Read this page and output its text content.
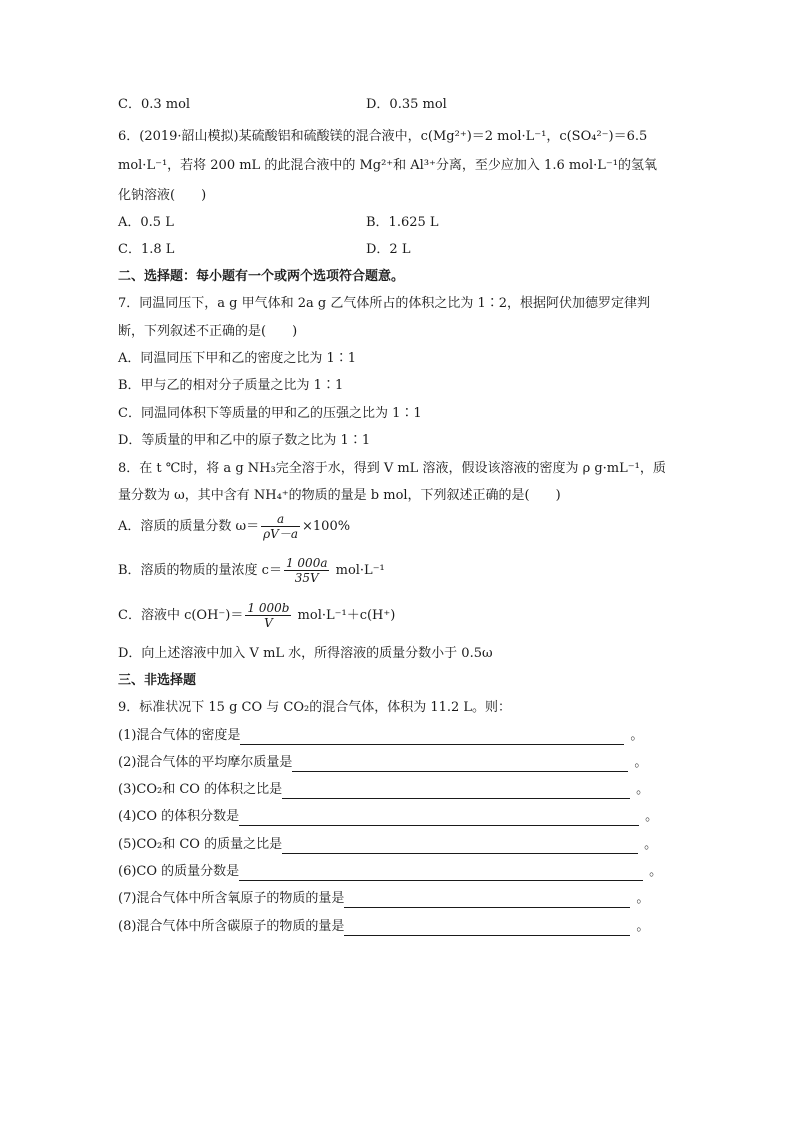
C．0.3 mol	D．0.35 mol
6．(2019·韶山模拟)某硫酸铝和硫酸镁的混合液中，c(Mg²⁺)＝2 mol·L⁻¹，c(SO₄²⁻)＝6.5
mol·L⁻¹，若将 200 mL 的此混合液中的 Mg²⁺和 Al³⁺分离，至少应加入 1.6 mol·L⁻¹的氢氧
化钠溶液(　　)
A．0.5 L	B．1.625 L
C．1.8 L	D．2 L
二、选择题：每小题有一个或两个选项符合题意。
7．同温同压下，a g 甲气体和 2a g 乙气体所占的体积之比为 1∶2，根据阿伏加德罗定律判
断，下列叙述不正确的是(　　)
A．同温同压下甲和乙的密度之比为 1∶1
B．甲与乙的相对分子质量之比为 1∶1
C．同温同体积下等质量的甲和乙的压强之比为 1∶1
D．等质量的甲和乙中的原子数之比为 1∶1
8．在 t ℃时，将 a g NH₃完全溶于水，得到 V mL 溶液，假设该溶液的密度为 ρ g·mL⁻¹，质
量分数为 ω，其中含有 NH₄⁺的物质的量是 b mol，下列叙述正确的是(　　)
A．溶质的质量分数 $\omega= \frac{a}{\rho V-a} \times 100\%$
B．溶质的物质的量浓度 $c= \frac{1 000a}{35V} mol\cdot L^{-1}$
C．溶液中 $c(OH^-)= \frac{1 000b}{V} mol\cdot L^{-1}+c(H^+)$
D．向上述溶液中加入 V mL 水，所得溶液的质量分数小于 0.5ω
三、非选择题
9．标准状况下 15 g CO 与 CO₂的混合气体，体积为 11.2 L。则：
(1)混合气体的密度是	。
(2)混合气体的平均摩尔质量是	。
(3)CO₂和 CO 的体积之比是	。
(4)CO 的体积分数是	。
(5)CO₂和 CO 的质量之比是	。
(6)CO 的质量分数是	。
(7)混合气体中所含氧原子的物质的量是	。
(8)混合气体中所含碳原子的物质的量是	。
